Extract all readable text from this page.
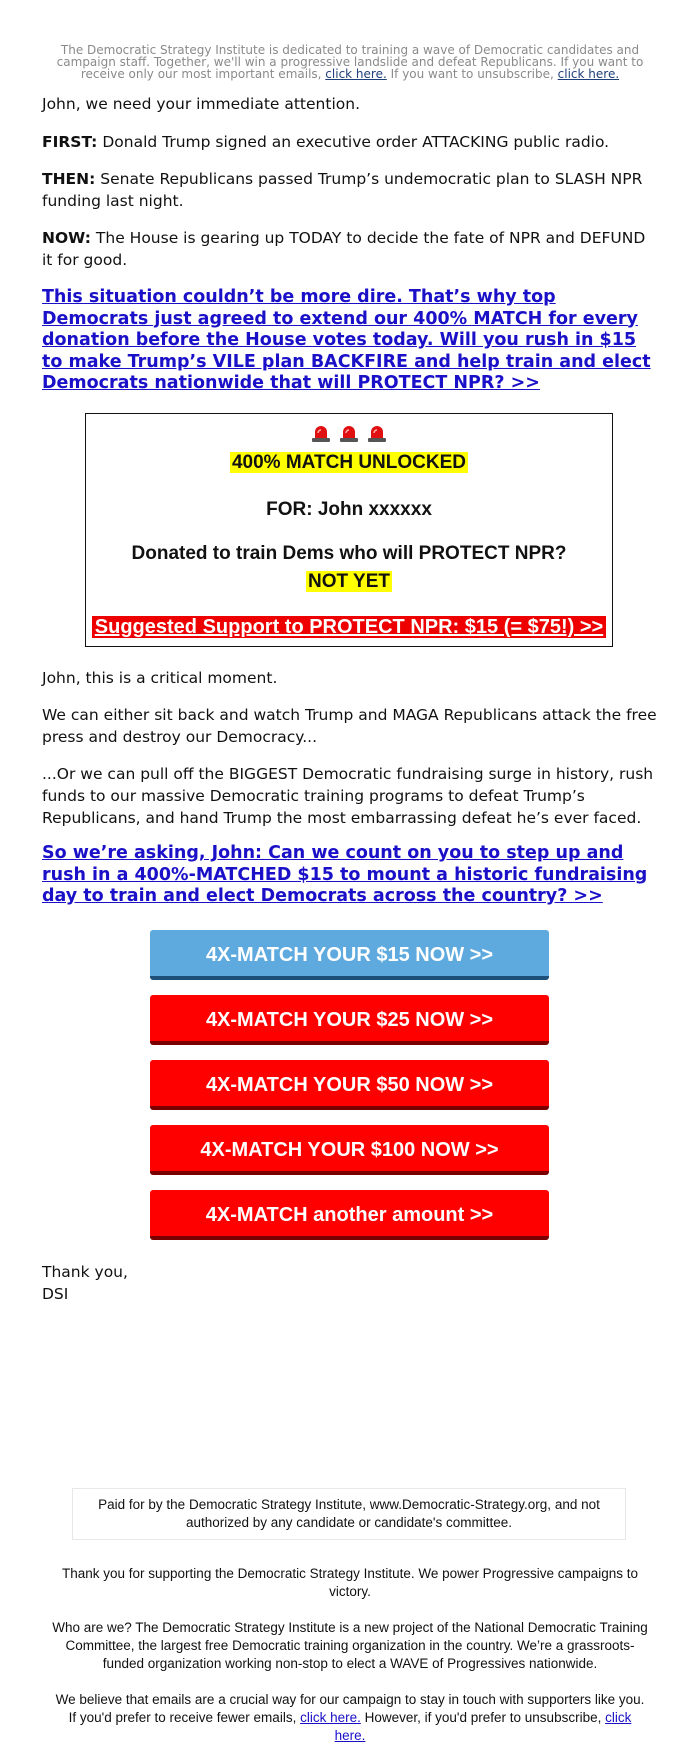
The Democratic Strategy Institute is dedicated to training a wave of Democratic candidates and campaign staff. Together, we'll win a progressive landslide and defeat Republicans. If you want to receive only our most important emails, click here. If you want to unsubscribe, click here.

John, we need your immediate attention.

FIRST: Donald Trump signed an executive order ATTACKING public radio.

THEN: Senate Republicans passed Trump’s undemocratic plan to SLASH NPR funding last night.

NOW: The House is gearing up TODAY to decide the fate of NPR and DEFUND it for good.

This situation couldn’t be more dire. That’s why top Democrats just agreed to extend our 400% MATCH for every donation before the House votes today. Will you rush in $15 to make Trump’s VILE plan BACKFIRE and help train and elect Democrats nationwide that will PROTECT NPR? >>

400% MATCH UNLOCKED
FOR: John xxxxxx
Donated to train Dems who will PROTECT NPR?
NOT YET
Suggested Support to PROTECT NPR: $15 (= $75!) >>

John, this is a critical moment.

We can either sit back and watch Trump and MAGA Republicans attack the free press and destroy our Democracy...

...Or we can pull off the BIGGEST Democratic fundraising surge in history, rush funds to our massive Democratic training programs to defeat Trump’s Republicans, and hand Trump the most embarrassing defeat he’s ever faced.

So we’re asking, John: Can we count on you to step up and rush in a 400%-MATCHED $15 to mount a historic fundraising day to train and elect Democrats across the country? >>
4X-MATCH YOUR $15 NOW >>
4X-MATCH YOUR $25 NOW >>
4X-MATCH YOUR $50 NOW >>
4X-MATCH YOUR $100 NOW >>
4X-MATCH another amount >>
Thank you,
DSI
Paid for by the Democratic Strategy Institute, www.Democratic-Strategy.org, and not authorized by any candidate or candidate's committee.

Thank you for supporting the Democratic Strategy Institute. We power Progressive campaigns to victory.

Who are we? The Democratic Strategy Institute is a new project of the National Democratic Training Committee, the largest free Democratic training organization in the country. We’re a grassroots-funded organization working non-stop to elect a WAVE of Progressives nationwide.

We believe that emails are a crucial way for our campaign to stay in touch with supporters like you. If you'd prefer to receive fewer emails, click here. However, if you'd prefer to unsubscribe, click here.
